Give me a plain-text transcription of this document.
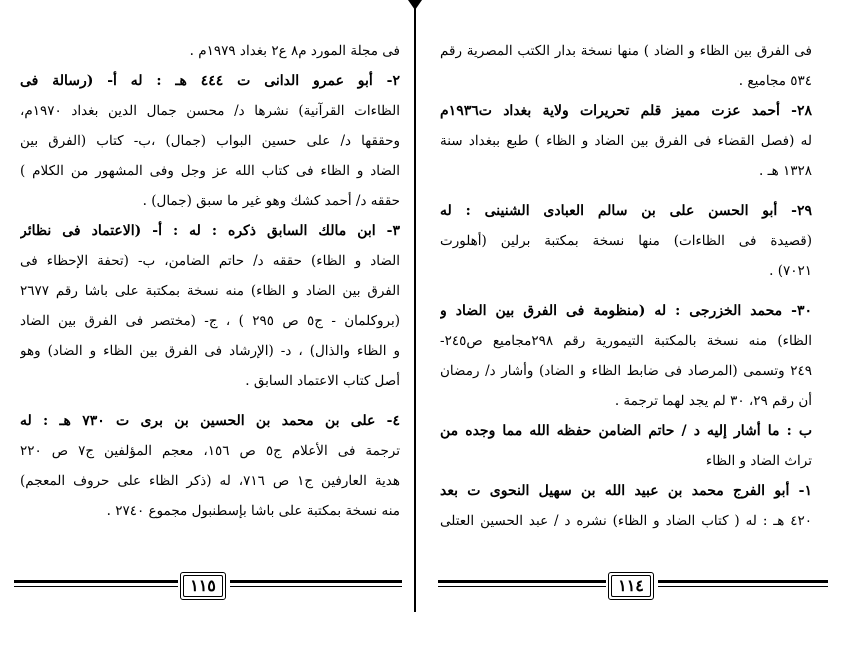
فى مجلة المورد م٨ ع٢ بغداد ١٩٧٩م .
٢- أبو عمرو الدانى ت ٤٤٤ هـ : له أ- (رسالة فى
الظاءات القرآنية) نشرها د/ محسن جمال الدين بغداد ١٩٧٠م،
وحققها د/ على حسين البواب (جمال) ،ب- كتاب (الفرق بين
الضاد و الظاء فى كتاب الله عز وجل وفى المشهور من الكلام )
حققه د/ أحمد كشك وهو غير ما سبق (جمال) .
٣- ابن مالك السابق ذكره : له : أ- (الاعتماد فى نظائر
الضاد و الظاء) حققه د/ حاتم الضامن، ب- (تحفة الإحظاء فى
الفرق بين الضاد و الظاء) منه نسخة بمكتبة على باشا رقم ٢٦٧٧
(بروكلمان - ج٥ ص ٢٩٥ ) ، ج- (مختصر فى الفرق بين الضاد
و الظاء والذال) ، د- (الإرشاد فى الفرق بين الظاء و الضاد) وهو
أصل كتاب الاعتماد السابق .
٤- على بن محمد بن الحسين بن برى ت ٧٣٠ هـ : له
ترجمة فى الأعلام ج٥ ص ١٥٦، معجم المؤلفين ج٧ ص ٢٢٠
هدية العارفين ج١ ص ٧١٦، له (ذكر الظاء على حروف المعجم)
منه نسخة بمكتبة على باشا بإسطنبول مجموع ٢٧٤٠ .
١١٥
فى الفرق بين الظاء و الضاد ) منها نسخة بدار الكتب المصرية رقم
٥٣٤ مجاميع .
٢٨- أحمد عزت مميز قلم تحريرات ولاية بغداد ت١٩٣٦م
له (فصل القضاء فى الفرق بين الضاد و الظاء ) طبع ببغداد سنة
١٣٢٨ هـ .
٢٩- أبو الحسن على بن سالم العبادى الشنينى : له
(قصيدة فى الظاءات) منها نسخة بمكتبة برلين (أهلورت
٧٠٢١) .
٣٠- محمد الخزرجى : له (منظومة فى الفرق بين الضاد و
الظاء) منه نسخة بالمكتبة التيمورية رقم ٢٩٨مجاميع ص٢٤٥-
٢٤٩ وتسمى (المرصاد فى ضابط الظاء و الضاد) وأشار د/ رمضان
أن رقم ٢٩، ٣٠ لم يجد لهما ترجمة .
ب : ما أشار إليه د / حاتم الضامن حفظه الله مما وجده من
تراث الضاد و الظاء
١- أبو الفرج محمد بن عبيد الله بن سهيل النحوى ت بعد
٤٢٠ هـ : له ( كتاب الضاد و الظاء) نشره د / عبد الحسين العتلى
١١٤
